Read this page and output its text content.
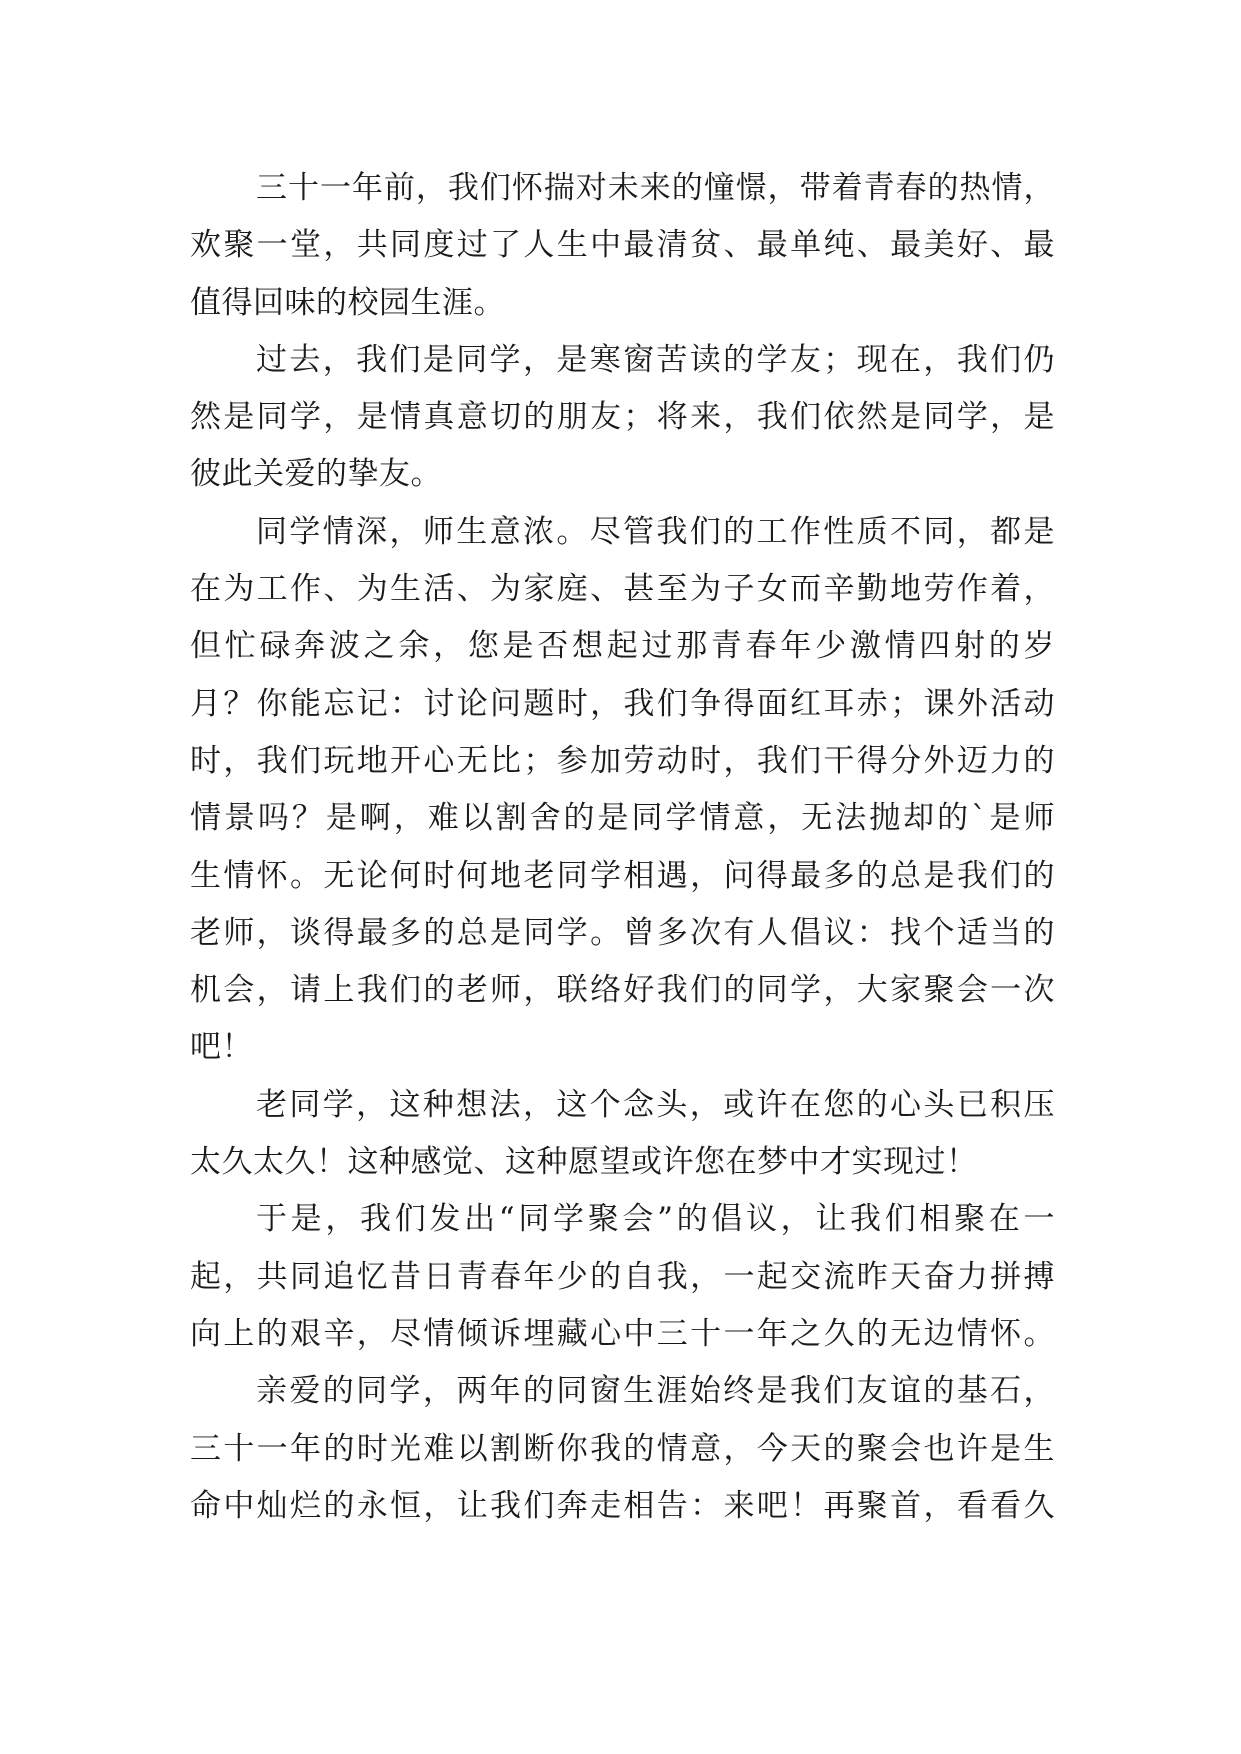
三十一年前，我们怀揣对未来的憧憬，带着青春的热情，
欢聚一堂，共同度过了人生中最清贫、最单纯、最美好、最
值得回味的校园生涯。

过去，我们是同学，是寒窗苦读的学友；现在，我们仍
然是同学，是情真意切的朋友；将来，我们依然是同学，是
彼此关爱的挚友。

同学情深，师生意浓。尽管我们的工作性质不同，都是
在为工作、为生活、为家庭、甚至为子女而辛勤地劳作着，
但忙碌奔波之余，您是否想起过那青春年少激情四射的岁
月？你能忘记：讨论问题时，我们争得面红耳赤；课外活动
时，我们玩地开心无比；参加劳动时，我们干得分外迈力的
情景吗？是啊，难以割舍的是同学情意，无法抛却的`是师
生情怀。无论何时何地老同学相遇，问得最多的总是我们的
老师，谈得最多的总是同学。曾多次有人倡议：找个适当的
机会，请上我们的老师，联络好我们的同学，大家聚会一次
吧！

老同学，这种想法，这个念头，或许在您的心头已积压
太久太久！这种感觉、这种愿望或许您在梦中才实现过！

于是，我们发出“同学聚会”的倡议，让我们相聚在一
起，共同追忆昔日青春年少的自我，一起交流昨天奋力拼搏
向上的艰辛，尽情倾诉埋藏心中三十一年之久的无边情怀。

亲爱的同学，两年的同窗生涯始终是我们友谊的基石，
三十一年的时光难以割断你我的情意，今天的聚会也许是生
命中灿烂的永恒，让我们奔走相告：来吧！再聚首，看看久
